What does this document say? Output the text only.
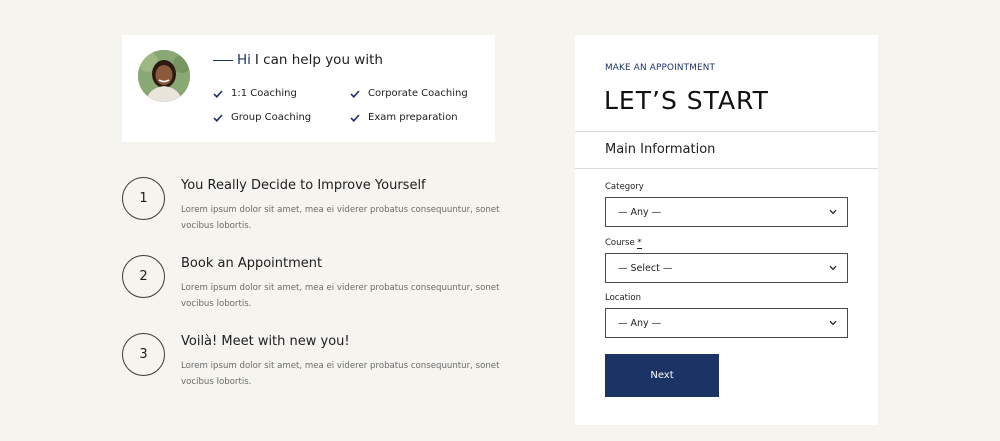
Hi I can help you with
1:1 Coaching	Corporate Coaching
Group Coaching	Exam preparation
1
You Really Decide to Improve Yourself
Lorem ipsum dolor sit amet, mea ei viderer probatus consequuntur, sonet vocibus lobortis.
2
Book an Appointment
Lorem ipsum dolor sit amet, mea ei viderer probatus consequuntur, sonet vocibus lobortis.
3
Voilà! Meet with new you!
Lorem ipsum dolor sit amet, mea ei viderer probatus consequuntur, sonet vocibus lobortis.
MAKE AN APPOINTMENT
LET’S START
Main Information
Category
— Any —
Course *
— Select —
Location
— Any —
Next
